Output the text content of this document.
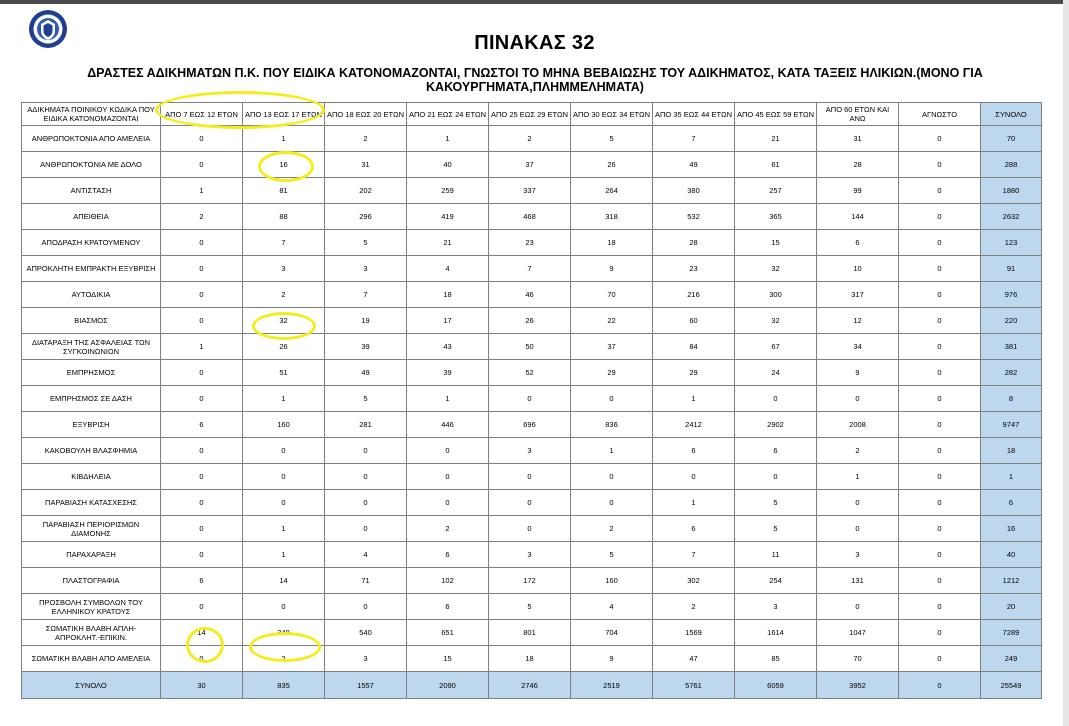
ΠΙΝΑΚΑΣ 32
ΔΡΑΣΤΕΣ ΑΔΙΚΗΜΑΤΩΝ Π.Κ. ΠΟΥ ΕΙΔΙΚΑ ΚΑΤΟΝΟΜΑΖΟΝΤΑΙ, ΓΝΩΣΤΟΙ ΤΟ ΜΗΝΑ ΒΕΒΑΙΩΣΗΣ ΤΟΥ ΑΔΙΚΗΜΑΤΟΣ, ΚΑΤΑ ΤΑΞΕΙΣ ΗΛΙΚΙΩΝ.(ΜΟΝΟ ΓΙΑ ΚΑΚΟΥΡΓΗΜΑΤΑ,ΠΛΗΜΜΕΛΗΜΑΤΑ)
ΑΔΙΚΗΜΑΤΑ ΠΟΙΝΙΚΟΥ ΚΩΔΙΚΑ ΠΟΥ ΕΙΔΙΚΑ ΚΑΤΟΝΟΜΑΖΟΝΤΑΙ	ΑΠΟ 7 ΕΩΣ 12 ΕΤΩΝ	ΑΠΟ 13 ΕΩΣ 17 ΕΤΩΝ	ΑΠΟ 18 ΕΩΣ 20 ΕΤΩΝ	ΑΠΟ 21 ΕΩΣ 24 ΕΤΩΝ	ΑΠΟ 25 ΕΩΣ 29 ΕΤΩΝ	ΑΠΟ 30 ΕΩΣ 34 ΕΤΩΝ	ΑΠΟ 35 ΕΩΣ 44 ΕΤΩΝ	ΑΠΟ 45 ΕΩΣ 59 ΕΤΩΝ	ΑΠΟ 60 ΕΤΩΝ ΚΑΙ ΑΝΩ	ΑΓΝΩΣΤΟ	ΣΥΝΟΛΟ
ΑΝΘΡΩΠΟΚΤΟΝΙΑ ΑΠΟ ΑΜΕΛΕΙΑ	0	1	2	1	2	5	7	21	31	0	70
ΑΝΘΡΩΠΟΚΤΟΝΙΑ ΜΕ ΔΟΛΟ	0	16	31	40	37	26	49	61	28	0	288
ΑΝΤΙΣΤΑΣΗ	1	81	202	259	337	264	380	257	99	0	1880
ΑΠΕΙΘΕΙΑ	2	88	296	419	468	318	532	365	144	0	2632
ΑΠΟΔΡΑΣΗ ΚΡΑΤΟΥΜΕΝΟΥ	0	7	5	21	23	18	28	15	6	0	123
ΑΠΡΟΚΛΗΤΗ ΕΜΠΡΑΚΤΗ ΕΞΥΒΡΙΣΗ	0	3	3	4	7	9	23	32	10	0	91
ΑΥΤΟΔΙΚΙΑ	0	2	7	18	46	70	216	300	317	0	976
ΒΙΑΣΜΟΣ	0	32	19	17	26	22	60	32	12	0	220
ΔΙΑΤΑΡΑΞΗ ΤΗΣ ΑΣΦΑΛΕΙΑΣ ΤΩΝ ΣΥΓΚΟΙΝΩΝΙΩΝ	1	26	39	43	50	37	84	67	34	0	381
ΕΜΠΡΗΣΜΟΣ	0	51	49	39	52	29	29	24	9	0	282
ΕΜΠΡΗΣΜΟΣ ΣΕ ΔΑΣΗ	0	1	5	1	0	0	1	0	0	0	8
ΕΞΥΒΡΙΣΗ	6	160	281	446	696	836	2412	2902	2008	0	9747
ΚΑΚΟΒΟΥΛΗ ΒΛΑΣΦΗΜΙΑ	0	0	0	0	3	1	6	6	2	0	18
ΚΙΒΔΗΛΕΙΑ	0	0	0	0	0	0	0	0	1	0	1
ΠΑΡΑΒΙΑΣΗ ΚΑΤΑΣΧΕΣΗΣ	0	0	0	0	0	0	1	5	0	0	6
ΠΑΡΑΒΙΑΣΗ ΠΕΡΙΟΡΙΣΜΩΝ ΔΙΑΜΟΝΗΣ	0	1	0	2	0	2	6	5	0	0	16
ΠΑΡΑΧΑΡΑΞΗ	0	1	4	6	3	5	7	11	3	0	40
ΠΛΑΣΤΟΓΡΑΦΙΑ	6	14	71	102	172	160	302	254	131	0	1212
ΠΡΟΣΒΟΛΗ ΣΥΜΒΟΛΩΝ ΤΟΥ ΕΛΛΗΝΙΚΟΥ ΚΡΑΤΟΥΣ	0	0	0	6	5	4	2	3	0	0	20
ΣΩΜΑΤΙΚΗ ΒΛΑΒΗ ΑΠΛΗ-ΑΠΡΟΚΛΗΤ.-ΕΠΙΚΙΝ.	14	349	540	651	801	704	1569	1614	1047	0	7289
ΣΩΜΑΤΙΚΗ ΒΛΑΒΗ ΑΠΟ ΑΜΕΛΕΙΑ	0	2	3	15	18	9	47	85	70	0	249
ΣΥΝΟΛΟ	30	835	1557	2090	2746	2519	5761	6059	3952	0	25549
